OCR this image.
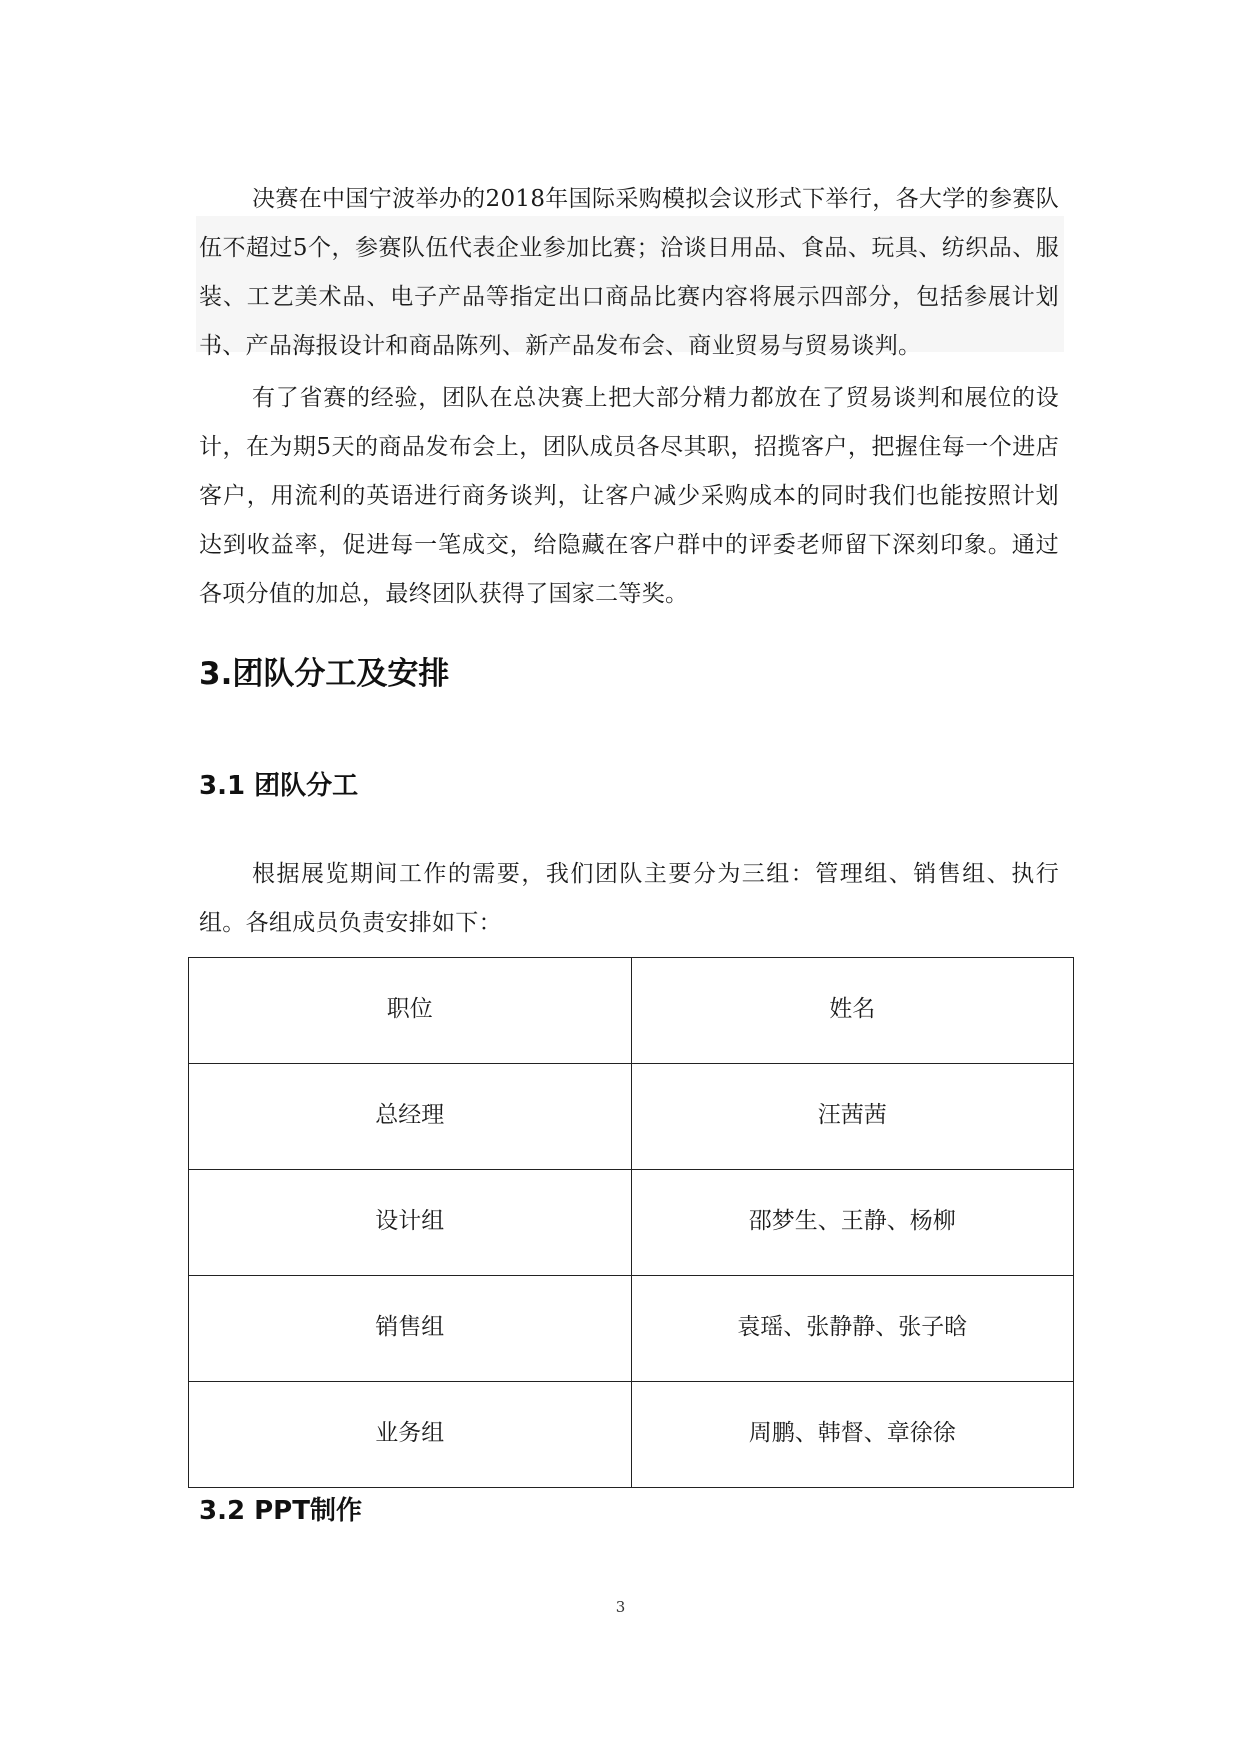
决赛在中国宁波举办的2018年国际采购模拟会议形式下举行，各大学的参赛队伍不超过5个，参赛队伍代表企业参加比赛；洽谈日用品、食品、玩具、纺织品、服装、工艺美术品、电子产品等指定出口商品比赛内容将展示四部分，包括参展计划书、产品海报设计和商品陈列、新产品发布会、商业贸易与贸易谈判。

有了省赛的经验，团队在总决赛上把大部分精力都放在了贸易谈判和展位的设计，在为期5天的商品发布会上，团队成员各尽其职，招揽客户，把握住每一个进店客户，用流利的英语进行商务谈判，让客户减少采购成本的同时我们也能按照计划达到收益率，促进每一笔成交，给隐藏在客户群中的评委老师留下深刻印象。通过各项分值的加总，最终团队获得了国家二等奖。

3.团队分工及安排
3.1 团队分工

根据展览期间工作的需要，我们团队主要分为三组：管理组、销售组、执行组。各组成员负责安排如下：

职位	姓名
总经理	汪茜茜
设计组	邵梦生、王静、杨柳
销售组	袁瑶、张静静、张子晗
业务组	周鹏、韩督、章徐徐
3.2 PPT制作
3
